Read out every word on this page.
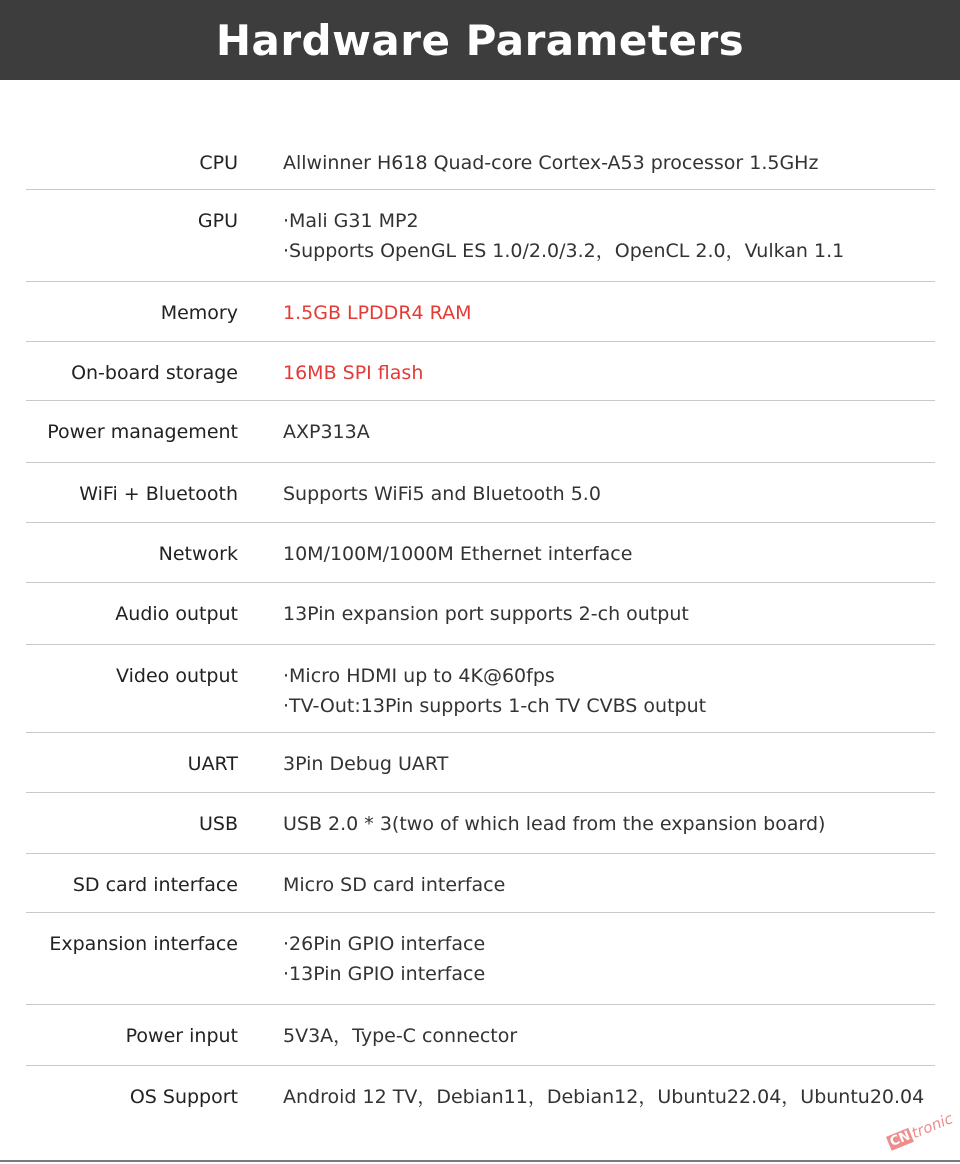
Hardware Parameters
CPU Allwinner H618 Quad-core Cortex-A53 processor 1.5GHz
GPU ·Mali G31 MP2
·Supports OpenGL ES 1.0/2.0/3.2，OpenCL 2.0，Vulkan 1.1
Memory 1.5GB LPDDR4 RAM
On-board storage 16MB SPI flash
Power management AXP313A
WiFi + Bluetooth Supports WiFi5 and Bluetooth 5.0
Network 10M/100M/1000M Ethernet interface
Audio output 13Pin expansion port supports 2-ch output
Video output ·Micro HDMI up to 4K@60fps
·TV-Out:13Pin supports 1-ch TV CVBS output
UART 3Pin Debug UART
USB USB 2.0 * 3(two of which lead from the expansion board)
SD card interface Micro SD card interface
Expansion interface ·26Pin GPIO interface
·13Pin GPIO interface
Power input 5V3A，Type-C connector
OS Support Android 12 TV，Debian11，Debian12，Ubuntu22.04，Ubuntu20.04
CN
tronic
